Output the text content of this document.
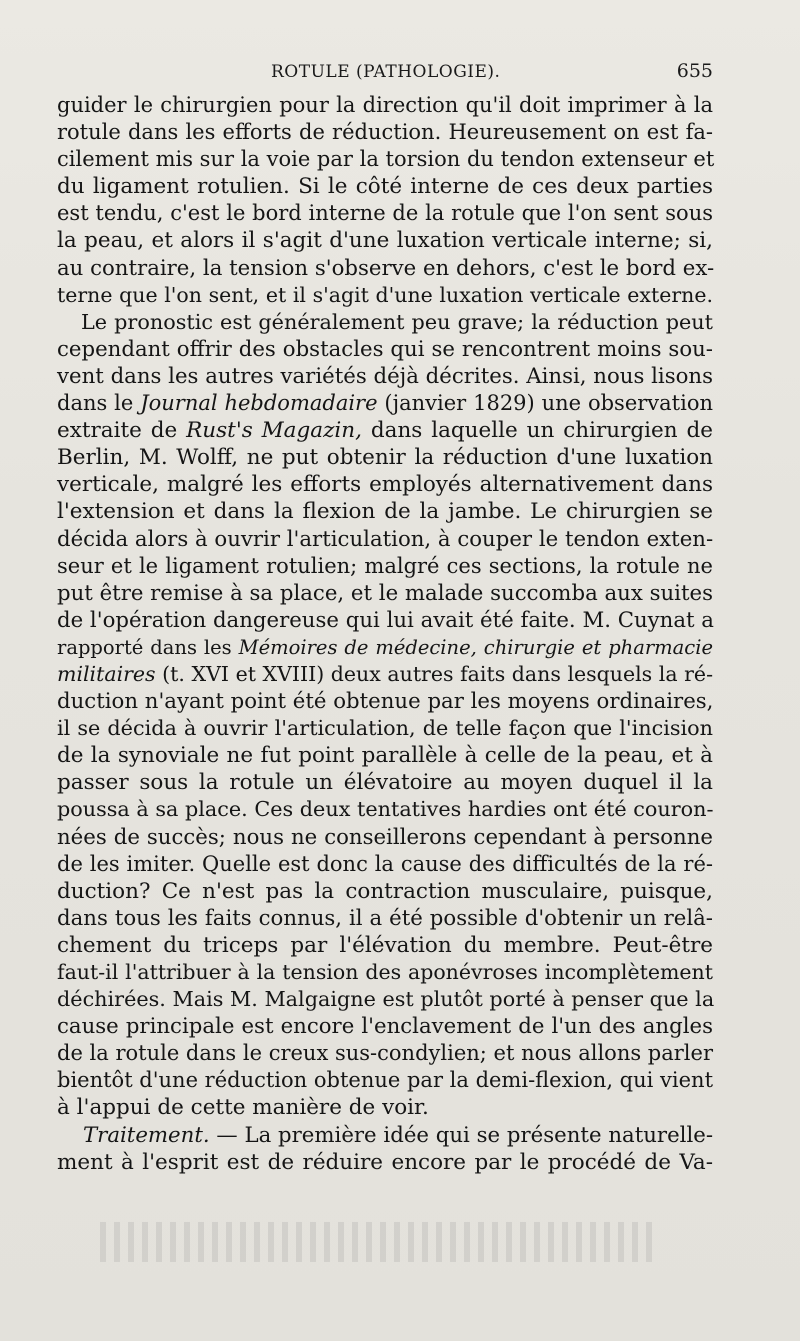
ROTULE (PATHOLOGIE).	655
guider le chirurgien pour la direction qu'il doit imprimer à la
rotule dans les efforts de réduction. Heureusement on est fa-
cilement mis sur la voie par la torsion du tendon extenseur et
du ligament rotulien. Si le côté interne de ces deux parties
est tendu, c'est le bord interne de la rotule que l'on sent sous
la peau, et alors il s'agit d'une luxation verticale interne; si,
au contraire, la tension s'observe en dehors, c'est le bord ex-
terne que l'on sent, et il s'agit d'une luxation verticale externe.
Le pronostic est généralement peu grave; la réduction peut
cependant offrir des obstacles qui se rencontrent moins sou-
vent dans les autres variétés déjà décrites. Ainsi, nous lisons
dans le Journal hebdomadaire (janvier 1829) une observation
extraite de Rust's Magazin, dans laquelle un chirurgien de
Berlin, M. Wolff, ne put obtenir la réduction d'une luxation
verticale, malgré les efforts employés alternativement dans
l'extension et dans la flexion de la jambe. Le chirurgien se
décida alors à ouvrir l'articulation, à couper le tendon exten-
seur et le ligament rotulien; malgré ces sections, la rotule ne
put être remise à sa place, et le malade succomba aux suites
de l'opération dangereuse qui lui avait été faite. M. Cuynat a
rapporté dans les Mémoires de médecine, chirurgie et pharmacie
militaires (t. XVI et XVIII) deux autres faits dans lesquels la ré-
duction n'ayant point été obtenue par les moyens ordinaires,
il se décida à ouvrir l'articulation, de telle façon que l'incision
de la synoviale ne fut point parallèle à celle de la peau, et à
passer sous la rotule un élévatoire au moyen duquel il la
poussa à sa place. Ces deux tentatives hardies ont été couron-
nées de succès; nous ne conseillerons cependant à personne
de les imiter. Quelle est donc la cause des difficultés de la ré-
duction? Ce n'est pas la contraction musculaire, puisque,
dans tous les faits connus, il a été possible d'obtenir un relâ-
chement du triceps par l'élévation du membre. Peut-être
faut-il l'attribuer à la tension des aponévroses incomplètement
déchirées. Mais M. Malgaigne est plutôt porté à penser que la
cause principale est encore l'enclavement de l'un des angles
de la rotule dans le creux sus-condylien; et nous allons parler
bientôt d'une réduction obtenue par la demi-flexion, qui vient
à l'appui de cette manière de voir.
Traitement. — La première idée qui se présente naturelle-
ment à l'esprit est de réduire encore par le procédé de Va-
